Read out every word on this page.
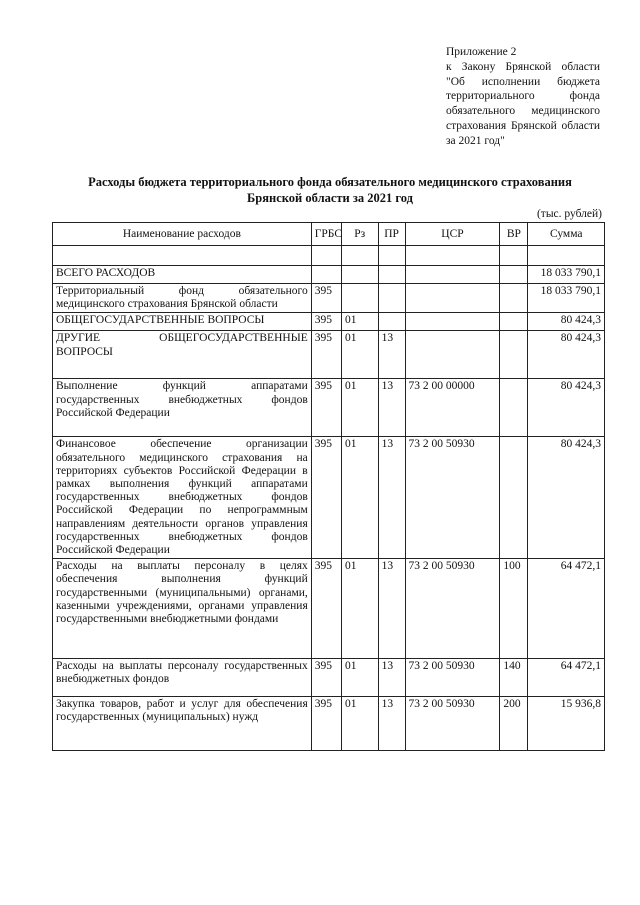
Приложение 2
к Закону Брянской области
"Об исполнении бюджета
территориального фонда
обязательного медицинского
страхования Брянской области
за 2021 год"
Расходы бюджета территориального фонда обязательного медицинского страхования
Брянской области за 2021 год
(тыс. рублей)
Наименование расходов	ГРБС	Рз	ПР	ЦСР	ВР	Сумма

ВСЕГО РАСХОДОВ						18 033 790,1
Территориальный фонд обязательного медицинского страхования Брянской области	395					18 033 790,1
ОБЩЕГОСУДАРСТВЕННЫЕ ВОПРОСЫ	395	01				80 424,3
ДРУГИЕ ОБЩЕГОСУДАРСТВЕННЫЕ ВОПРОСЫ	395	01	13			80 424,3
Выполнение функций аппаратами государственных внебюджетных фондов Российской Федерации	395	01	13	73 2 00 00000		80 424,3
Финансовое обеспечение организации обязательного медицинского страхования на территориях субъектов Российской Федерации в рамках выполнения функций аппаратами государственных внебюджетных фондов Российской Федерации по непрограммным направлениям деятельности органов управления государственных внебюджетных фондов Российской Федерации	395	01	13	73 2 00 50930		80 424,3
Расходы на выплаты персоналу в целях обеспечения выполнения функций государственными (муниципальными) органами, казенными учреждениями, органами управления государственными внебюджетными фондами	395	01	13	73 2 00 50930	100	64 472,1
Расходы на выплаты персоналу государственных внебюджетных фондов	395	01	13	73 2 00 50930	140	64 472,1
Закупка товаров, работ и услуг для обеспечения государственных (муниципальных) нужд	395	01	13	73 2 00 50930	200	15 936,8
